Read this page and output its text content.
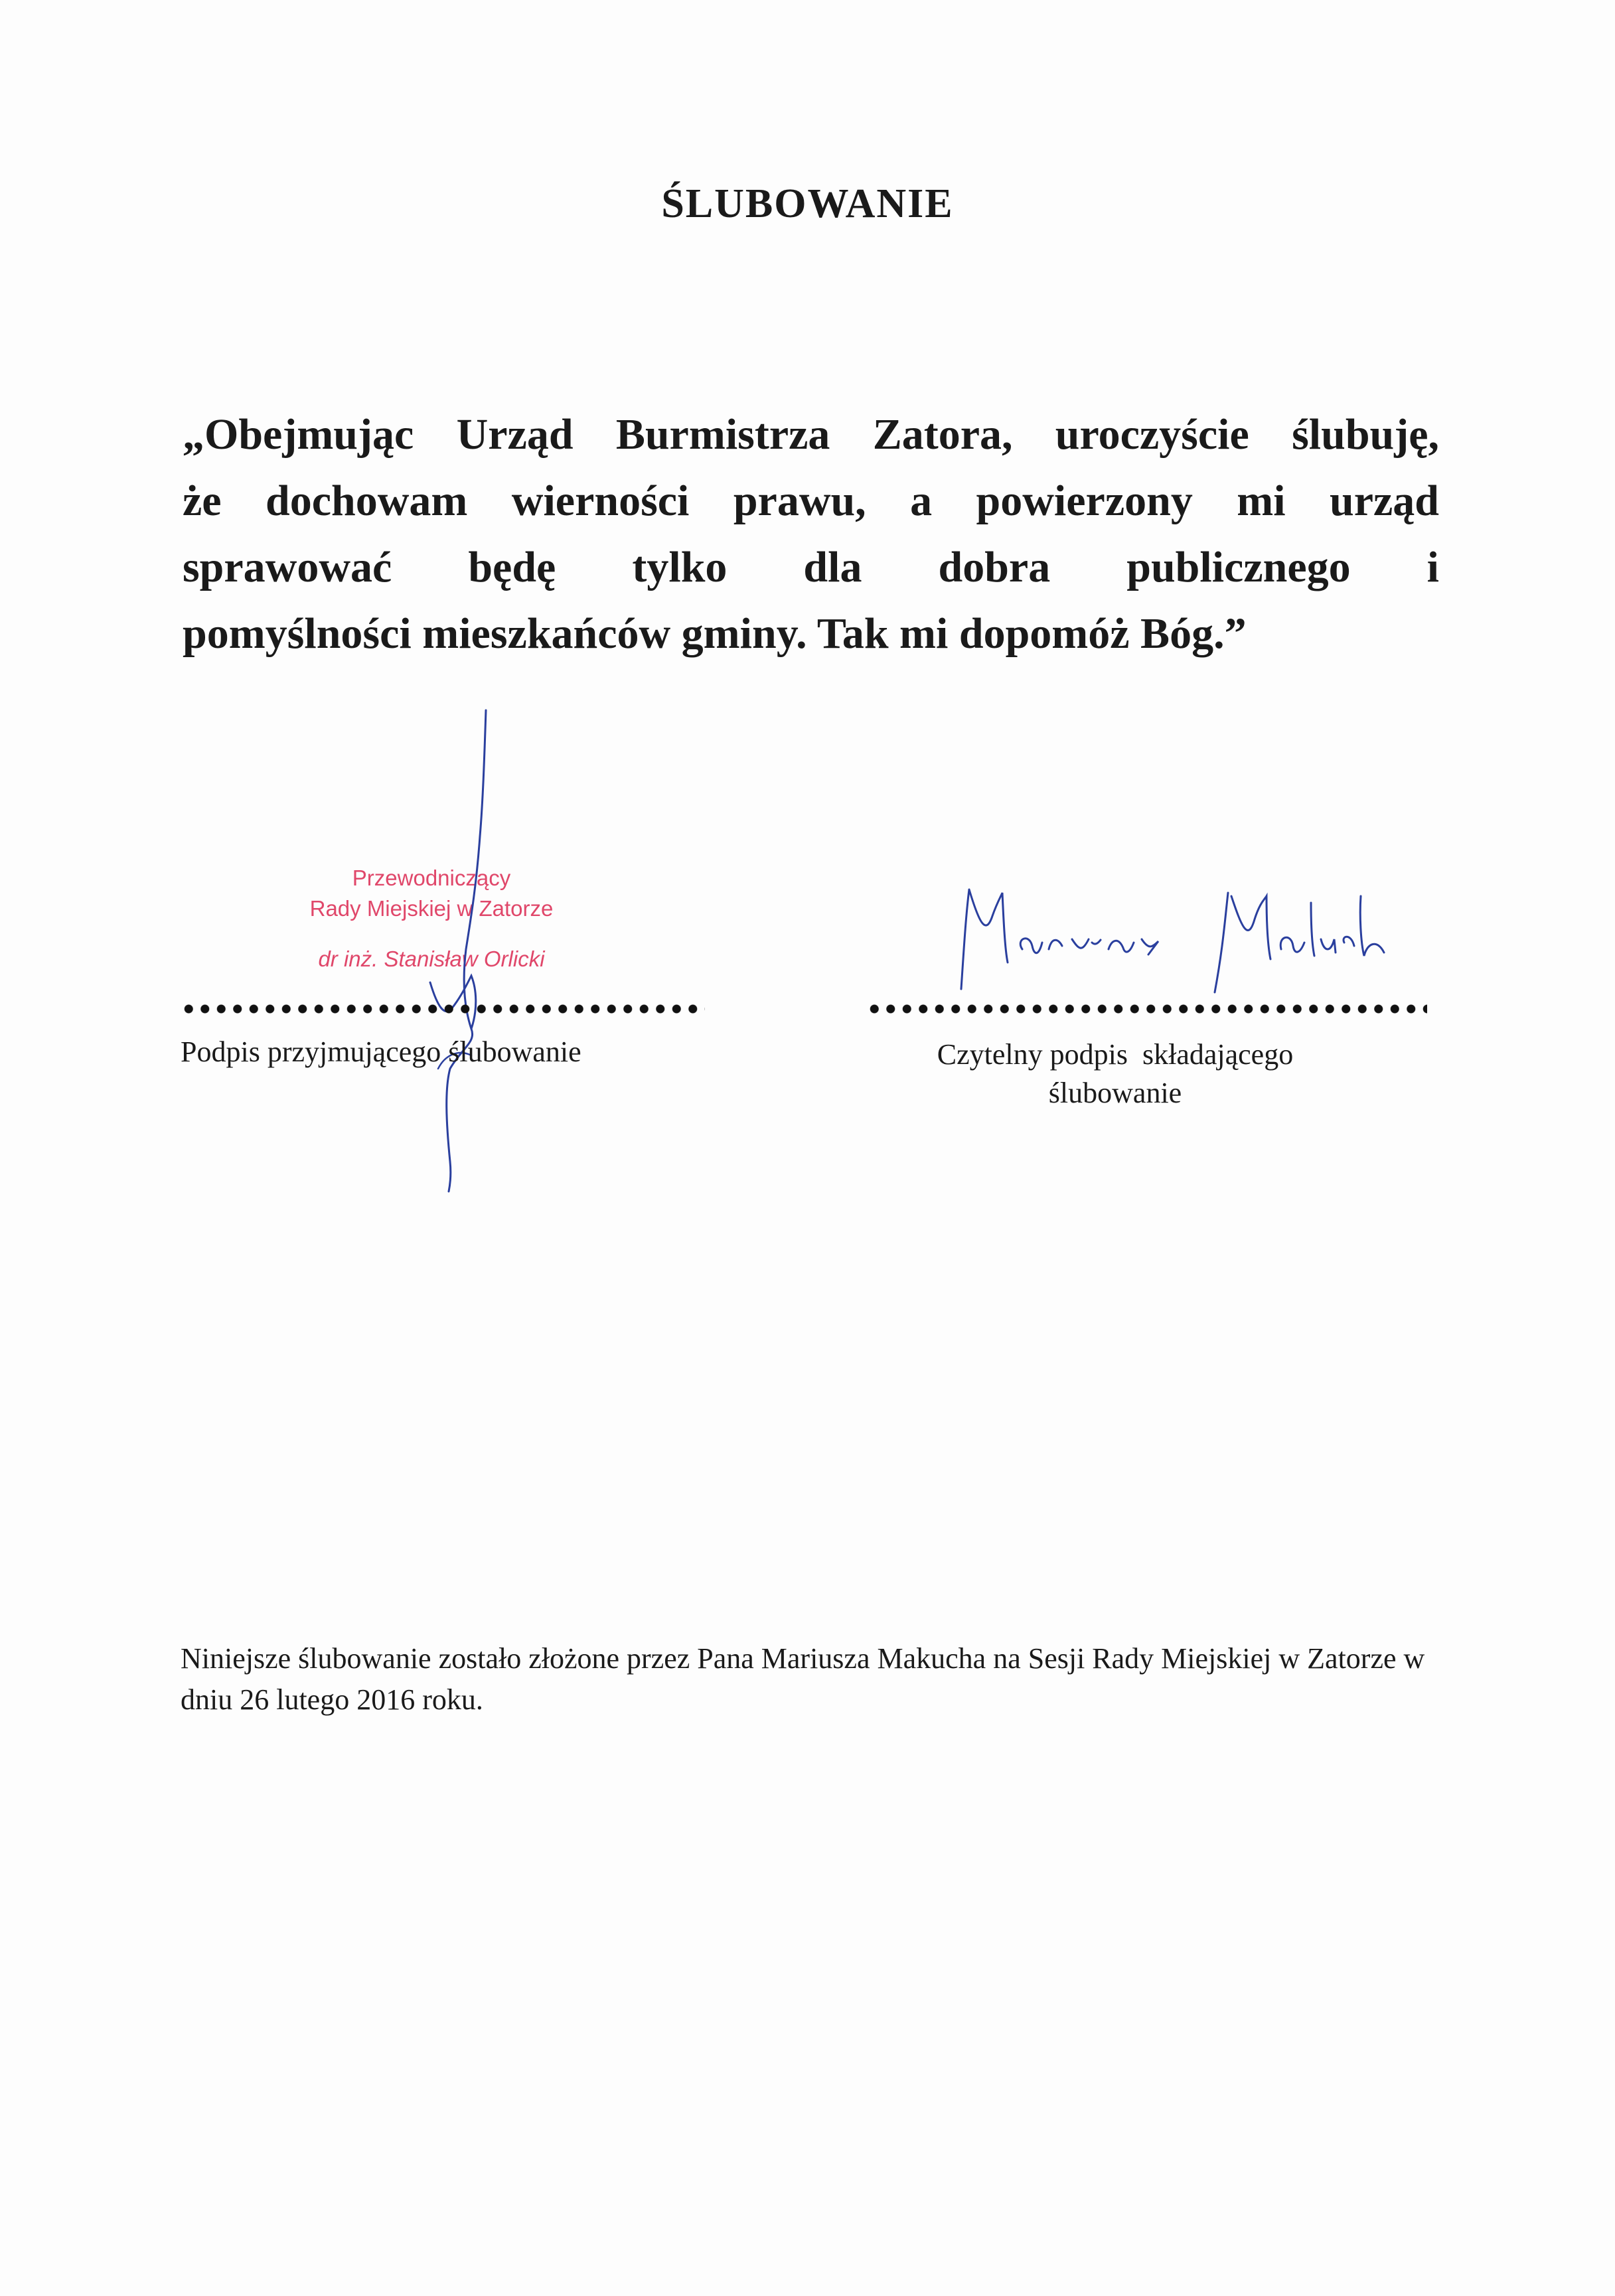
ŚLUBOWANIE
„Obejmując Urząd Burmistrza Zatora, uroczyście ślubuję,
że dochowam wierności prawu, a powierzony mi urząd
sprawować będę tylko dla dobra publicznego i
pomyślności mieszkańców gminy. Tak mi dopomóż Bóg.”
Przewodniczący
Rady Miejskiej w Zatorze
dr inż. Stanisław Orlicki
Podpis przyjmującego ślubowanie	Czytelny podpis  składającego
ślubowanie
Niniejsze ślubowanie zostało złożone przez Pana Mariusza Makucha na Sesji Rady Miejskiej w Zatorze w dniu 26 lutego 2016 roku.
